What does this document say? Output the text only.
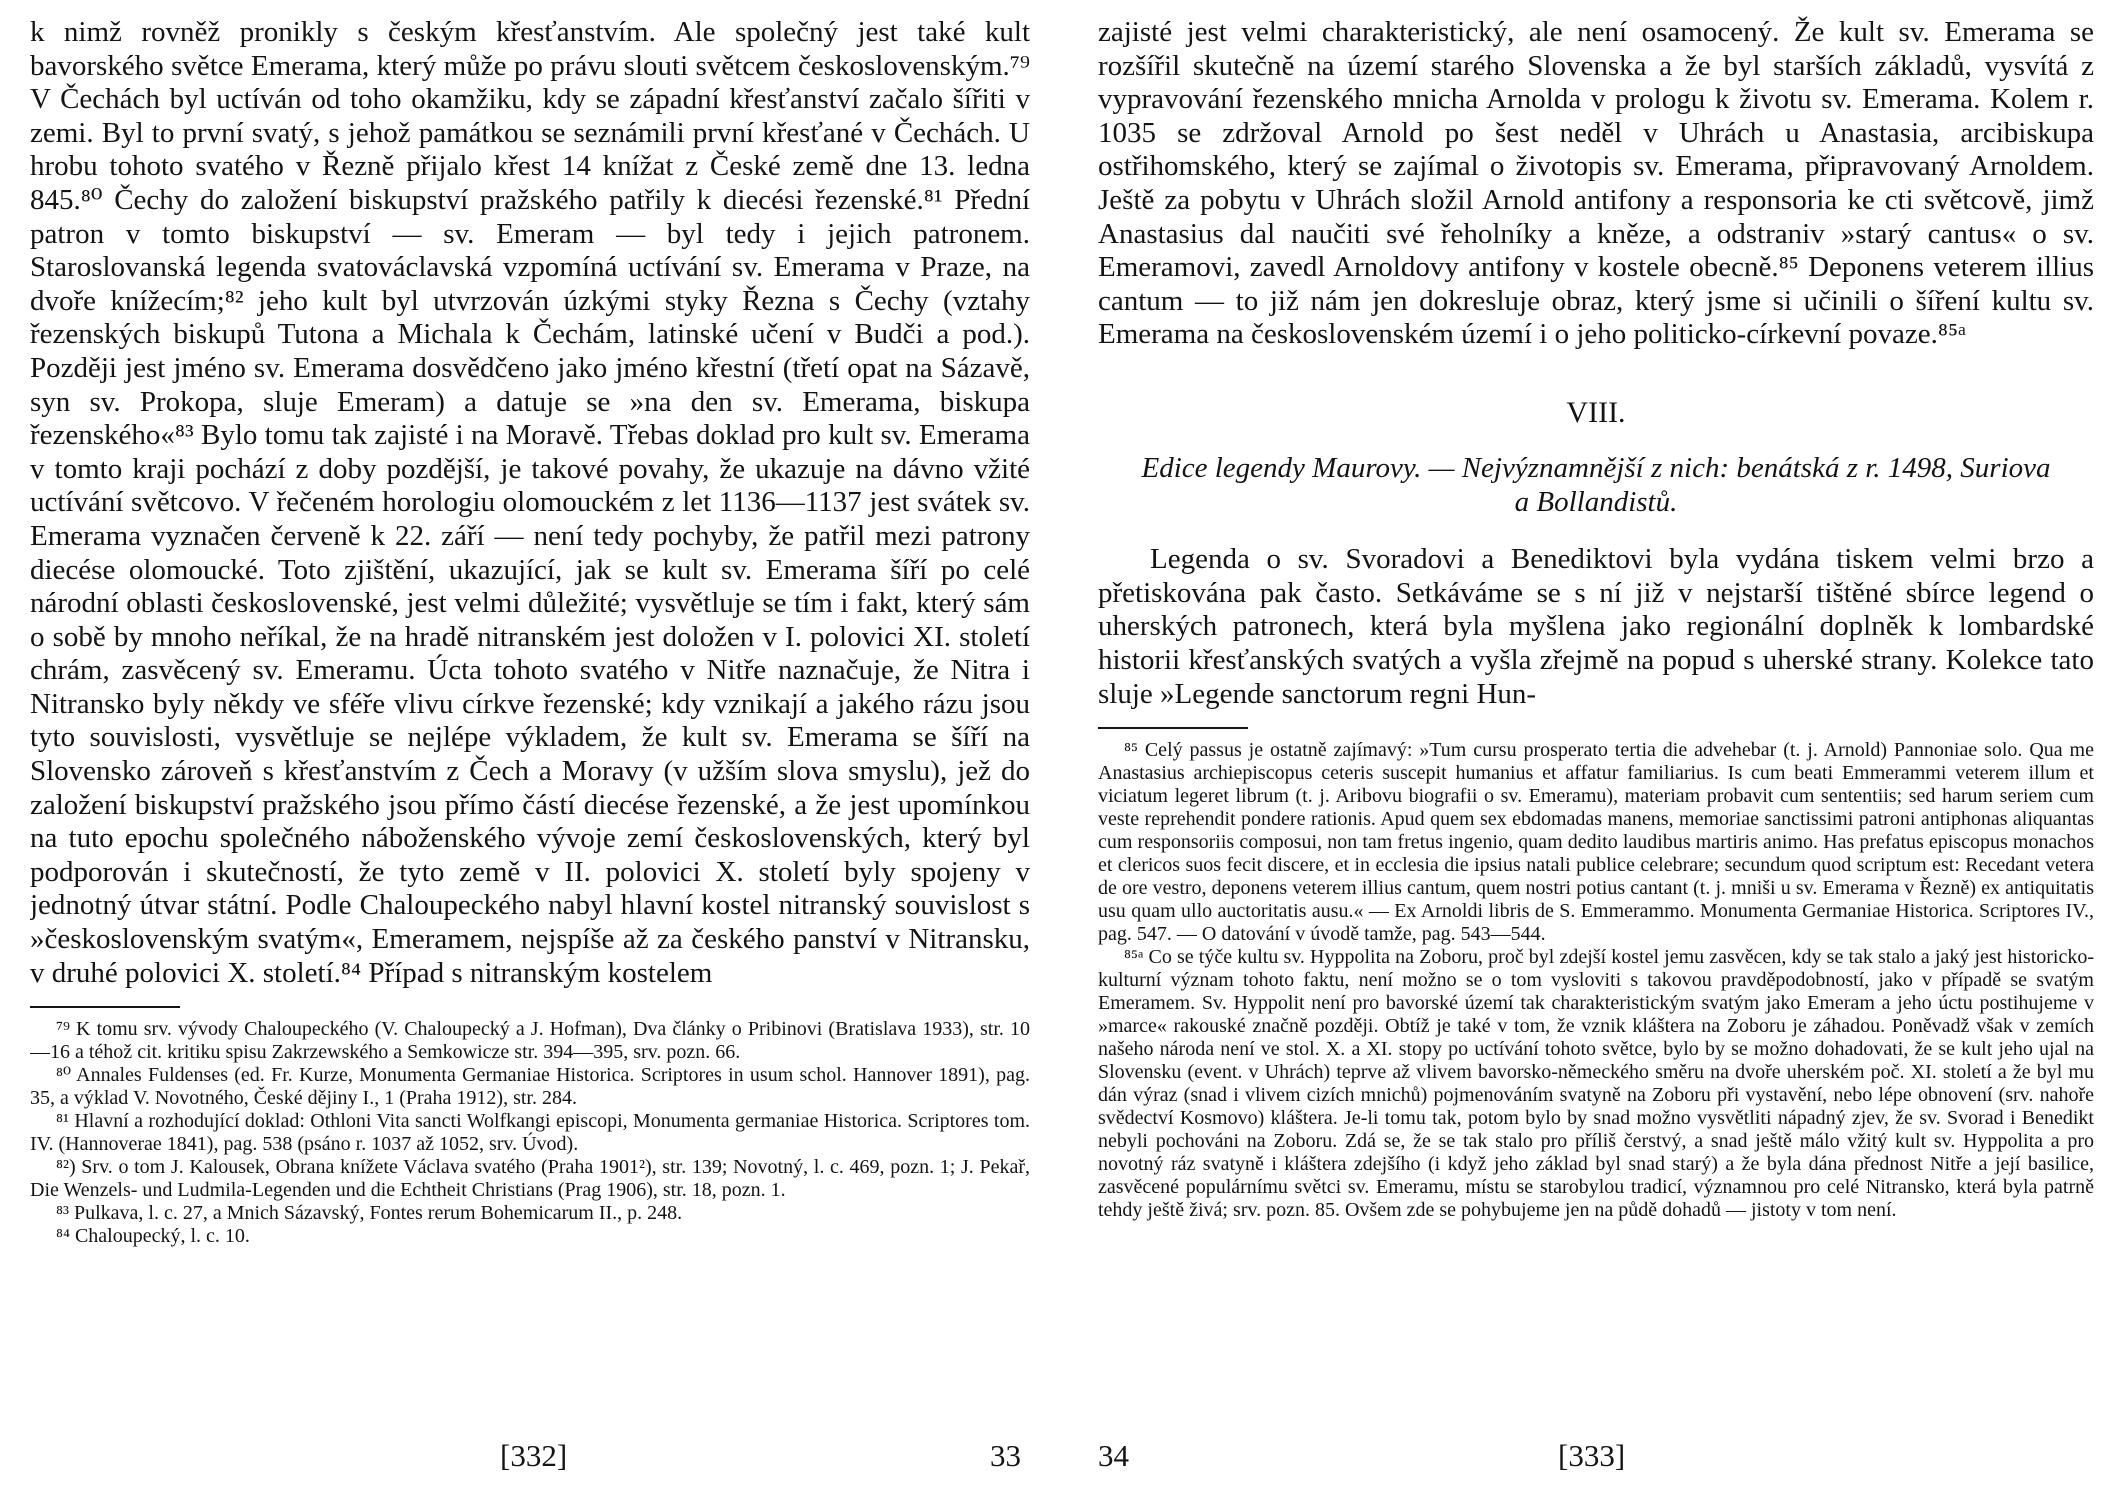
k nimž rovněž pronikly s českým křesťanstvím. Ale společný jest také kult bavorského světce Emerama, který může po právu slouti světcem československým.⁷⁹ V Čechách byl uctíván od toho okamžiku, kdy se západní křesťanství začalo šířiti v zemi. Byl to první svatý, s jehož památkou se seznámili první křesťané v Čechách. U hrobu tohoto svatého v Řezně přijalo křest 14 knížat z České země dne 13. ledna 845.⁸⁰ Čechy do založení biskupství pražského patřily k diecési řezenské.⁸¹ Přední patron v tomto biskupství — sv. Emeram — byl tedy i jejich patronem. Staroslovanská legenda svatováclavská vzpomíná uctívání sv. Emerama v Praze, na dvoře knížecím;⁸² jeho kult byl utvrzován úzkými styky Řezna s Čechy (vztahy řezenských biskupů Tutona a Michala k Čechám, latinské učení v Budči a pod.). Později jest jméno sv. Emerama dosvědčeno jako jméno křestní (třetí opat na Sázavě, syn sv. Prokopa, sluje Emeram) a datuje se »na den sv. Emerama, biskupa řezenského«⁸³ Bylo tomu tak zajisté i na Moravě. Třebas doklad pro kult sv. Emerama v tomto kraji pochází z doby pozdější, je takové povahy, že ukazuje na dávno vžité uctívání světcovo. V řečeném horologiu olomouckém z let 1136—1137 jest svátek sv. Emerama vyznačen červeně k 22. září — není tedy pochyby, že patřil mezi patrony diecése olomoucké. Toto zjištění, ukazující, jak se kult sv. Emerama šíří po celé národní oblasti československé, jest velmi důležité; vysvětluje se tím i fakt, který sám o sobě by mnoho neříkal, že na hradě nitranském jest doložen v I. polovici XI. století chrám, zasvěcený sv. Emeramu. Úcta tohoto svatého v Nitře naznačuje, že Nitra i Nitransko byly někdy ve sféře vlivu církve řezenské; kdy vznikají a jakého rázu jsou tyto souvislosti, vysvětluje se nejlépe výkladem, že kult sv. Emerama se šíří na Slovensko zároveň s křesťanstvím z Čech a Moravy (v užším slova smyslu), jež do založení biskupství pražského jsou přímo částí diecése řezenské, a že jest upomínkou na tuto epochu společného náboženského vývoje zemí československých, který byl podporován i skutečností, že tyto země v II. polovici X. století byly spojeny v jednotný útvar státní. Podle Chaloupeckého nabyl hlavní kostel nitranský souvislost s »československým svatým«, Emeramem, nejspíše až za českého panství v Nitransku, v druhé polovici X. století.⁸⁴ Případ s nitranským kostelem

⁷⁹ K tomu srv. vývody Chaloupeckého (V. Chaloupecký a J. Hofman), Dva články o Pribinovi (Bratislava 1933), str. 10—16 a téhož cit. kritiku spisu Zakrzewského a Semkowicze str. 394—395, srv. pozn. 66.

⁸⁰ Annales Fuldenses (ed. Fr. Kurze, Monumenta Germaniae Historica. Scriptores in usum schol. Hannover 1891), pag. 35, a výklad V. Novotného, České dějiny I., 1 (Praha 1912), str. 284.

⁸¹ Hlavní a rozhodující doklad: Othloni Vita sancti Wolfkangi episcopi, Monumenta germaniae Historica. Scriptores tom. IV. (Hannoverae 1841), pag. 538 (psáno r. 1037 až 1052, srv. Úvod).

⁸²) Srv. o tom J. Kalousek, Obrana knížete Václava svatého (Praha 1901²), str. 139; Novotný, l. c. 469, pozn. 1; J. Pekař, Die Wenzels- und Ludmila-Legenden und die Echtheit Christians (Prag 1906), str. 18, pozn. 1.

⁸³ Pulkava, l. c. 27, a Mnich Sázavský, Fontes rerum Bohemicarum II., p. 248.

⁸⁴ Chaloupecký, l. c. 10.

[332]	33

zajisté jest velmi charakteristický, ale není osamocený. Že kult sv. Emerama se rozšířil skutečně na území starého Slovenska a že byl starších základů, vysvítá z vypravování řezenského mnicha Arnolda v prologu k životu sv. Emerama. Kolem r. 1035 se zdržoval Arnold po šest neděl v Uhrách u Anastasia, arcibiskupa ostřihomského, který se zajímal o životopis sv. Emerama, připravovaný Arnoldem. Ještě za pobytu v Uhrách složil Arnold antifony a responsoria ke cti světcově, jimž Anastasius dal naučiti své řeholníky a kněze, a odstraniv »starý cantus« o sv. Emeramovi, zavedl Arnoldovy antifony v kostele obecně.⁸⁵ Deponens veterem illius cantum — to již nám jen dokresluje obraz, který jsme si učinili o šíření kultu sv. Emerama na československém území i o jeho politicko-církevní povaze.⁸⁵ᵃ

VIII.
Edice legendy Maurovy. — Nejvýznamnější z nich: benátská z r. 1498, Suriova a Bollandistů.

Legenda o sv. Svoradovi a Benediktovi byla vydána tiskem velmi brzo a přetiskována pak často. Setkáváme se s ní již v nejstarší tištěné sbírce legend o uherských patronech, která byla myšlena jako regionální doplněk k lombardské historii křesťanských svatých a vyšla zřejmě na popud s uherské strany. Kolekce tato sluje »Legende sanctorum regni Hun-

⁸⁵ Celý passus je ostatně zajímavý: »Tum cursu prosperato tertia die advehebar (t. j. Arnold) Pannoniae solo. Qua me Anastasius archiepiscopus ceteris suscepit humanius et affatur familiarius. Is cum beati Emmerammi veterem illum et viciatum legeret librum (t. j. Aribovu biografii o sv. Emeramu), materiam probavit cum sententiis; sed harum seriem cum veste reprehendit pondere rationis. Apud quem sex ebdomadas manens, memoriae sanctissimi patroni antiphonas aliquantas cum responsoriis composui, non tam fretus ingenio, quam dedito laudibus martiris animo. Has prefatus episcopus monachos et clericos suos fecit discere, et in ecclesia die ipsius natali publice celebrare; secundum quod scriptum est: Recedant vetera de ore vestro, deponens veterem illius cantum, quem nostri potius cantant (t. j. mniši u sv. Emerama v Řezně) ex antiquitatis usu quam ullo auctoritatis ausu.« — Ex Arnoldi libris de S. Emmerammo. Monumenta Germaniae Historica. Scriptores IV., pag. 547. — O datování v úvodě tamže, pag. 543—544.

⁸⁵ᵃ Co se týče kultu sv. Hyppolita na Zoboru, proč byl zdejší kostel jemu zasvěcen, kdy se tak stalo a jaký jest historicko-kulturní význam tohoto faktu, není možno se o tom vysloviti s takovou pravděpodobností, jako v případě se svatým Emeramem. Sv. Hyppolit není pro bavorské území tak charakteristickým svatým jako Emeram a jeho úctu postihujeme v »marce« rakouské značně později. Obtíž je také v tom, že vznik kláštera na Zoboru je záhadou. Poněvadž však v zemích našeho národa není ve stol. X. a XI. stopy po uctívání tohoto světce, bylo by se možno dohadovati, že se kult jeho ujal na Slovensku (event. v Uhrách) teprve až vlivem bavorsko-německého směru na dvoře uherském poč. XI. století a že byl mu dán výraz (snad i vlivem cizích mnichů) pojmenováním svatyně na Zoboru při vystavění, nebo lépe obnovení (srv. nahoře svědectví Kosmovo) kláštera. Je-li tomu tak, potom bylo by snad možno vysvětliti nápadný zjev, že sv. Svorad i Benedikt nebyli pochováni na Zoboru. Zdá se, že se tak stalo pro příliš čerstvý, a snad ještě málo vžitý kult sv. Hyppolita a pro novotný ráz svatyně i kláštera zdejšího (i když jeho základ byl snad starý) a že byla dána přednost Nitře a její basilice, zasvěcené populárnímu světci sv. Emeramu, místu se starobylou tradicí, významnou pro celé Nitransko, která byla patrně tehdy ještě živá; srv. pozn. 85. Ovšem zde se pohybujeme jen na půdě dohadů — jistoty v tom není.

34	[333]
